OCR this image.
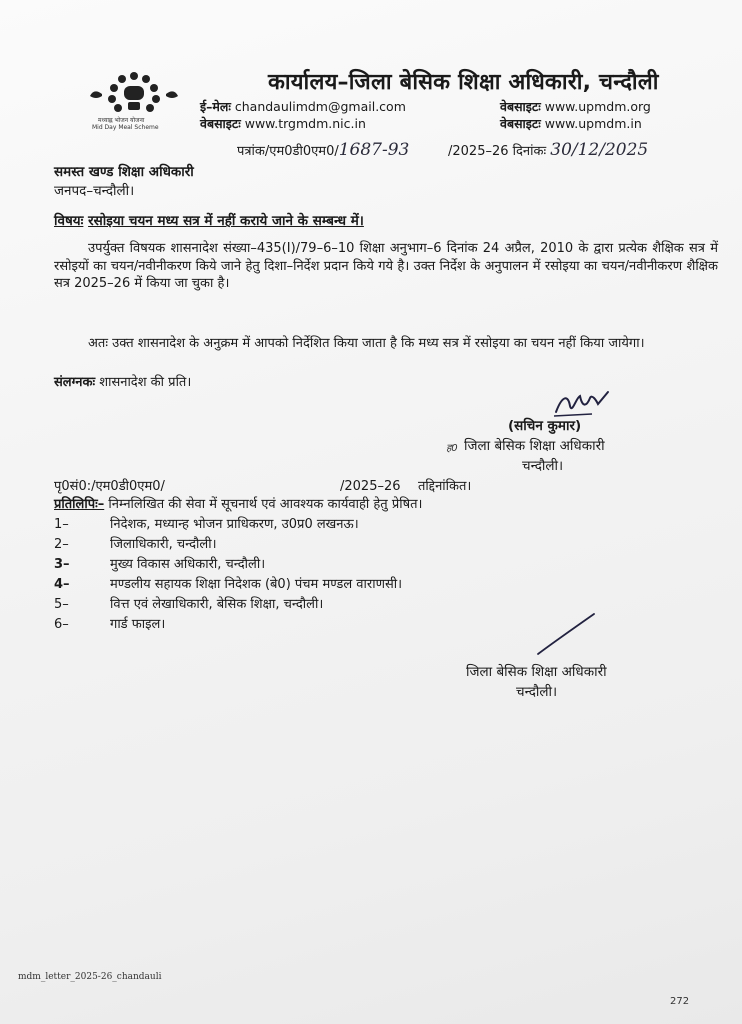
मध्याह्न भोजन योजना
Mid Day Meal Scheme
कार्यालय–जिला बेसिक शिक्षा अधिकारी, चन्दौली
ई–मेलः chandaulimdm@gmail.com
वेबसाइटः www.trgmdm.nic.in
वेबसाइटः www.upmdm.org
वेबसाइटः www.upmdm.in
पत्रांक/एम0डी0एम0/1687-93	/2025–26 दिनांकः 30/12/2025
समस्त खण्ड शिक्षा अधिकारी
जनपद–चन्दौली।
विषयः रसोइया चयन मध्य सत्र में नहीं कराये जाने के सम्बन्ध में।
उपर्युक्त विषयक शासनादेश संख्या–435(I)/79–6–10 शिक्षा अनुभाग–6 दिनांक 24 अप्रैल, 2010 के द्वारा प्रत्येक शैक्षिक सत्र में रसोइयों का चयन/नवीनीकरण किये जाने हेतु दिशा–निर्देश प्रदान किये गये है। उक्त निर्देश के अनुपालन में रसोइया का चयन/नवीनीकरण शैक्षिक सत्र 2025–26 में किया जा चुका है।
अतः उक्त शासनादेश के अनुक्रम में आपको निर्देशित किया जाता है कि मध्य सत्र में रसोइया का चयन नहीं किया जायेगा।
संलग्नकः शासनादेश की प्रति।
(सचिन कुमार)
ह0 जिला बेसिक शिक्षा अधिकारी
चन्दौली।
पृ0सं0:/एम0डी0एम0/	/2025–26 तद्दिनांकित।
प्रतिलिपिः– निम्नलिखित की सेवा में सूचनार्थ एवं आवश्यक कार्यवाही हेतु प्रेषित।
1–	निदेशक, मध्यान्ह भोजन प्राधिकरण, उ0प्र0 लखनऊ।
2–	जिलाधिकारी, चन्दौली।
3–	मुख्य विकास अधिकारी, चन्दौली।
4–	मण्डलीय सहायक शिक्षा निदेशक (बे0) पंचम मण्डल वाराणसी।
5–	वित्त एवं लेखाधिकारी, बेसिक शिक्षा, चन्दौली।
6–	गार्ड फाइल।
जिला बेसिक शिक्षा अधिकारी
चन्दौली।
mdm_letter_2025-26_chandauli
272
